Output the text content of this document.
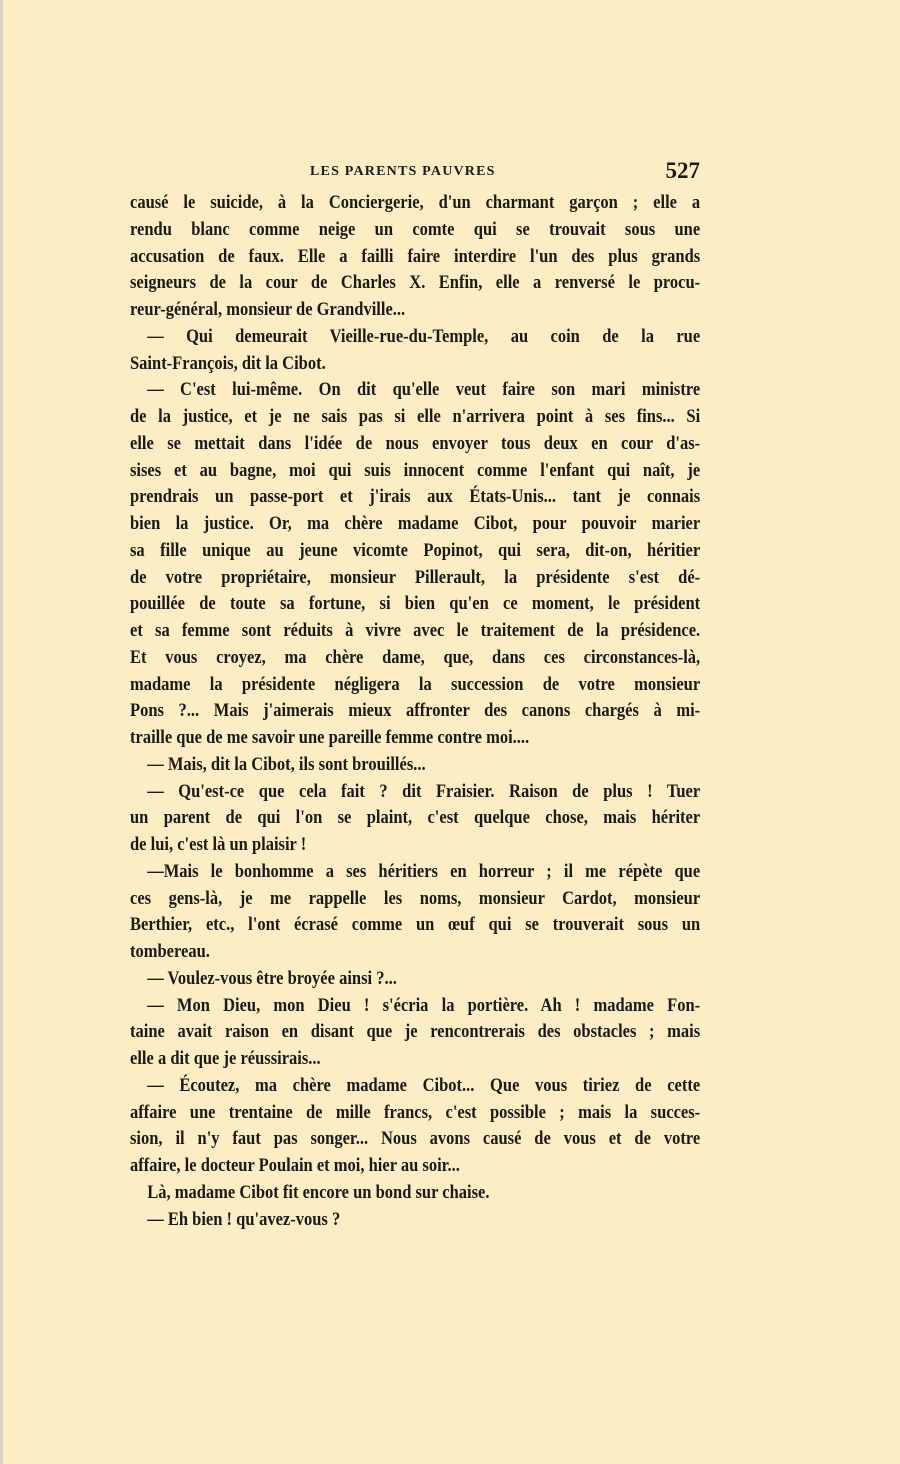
LES PARENTS PAUVRES	527
causé le suicide, à la Conciergerie, d'un charmant garçon ; elle a
rendu blanc comme neige un comte qui se trouvait sous une
accusation de faux. Elle a failli faire interdire l'un des plus grands
seigneurs de la cour de Charles X. Enfin, elle a renversé le procu-
reur-général, monsieur de Grandville...
— Qui demeurait Vieille-rue-du-Temple, au coin de la rue
Saint-François, dit la Cibot.
— C'est lui-même. On dit qu'elle veut faire son mari ministre
de la justice, et je ne sais pas si elle n'arrivera point à ses fins... Si
elle se mettait dans l'idée de nous envoyer tous deux en cour d'as-
sises et au bagne, moi qui suis innocent comme l'enfant qui naît, je
prendrais un passe-port et j'irais aux États-Unis... tant je connais
bien la justice. Or, ma chère madame Cibot, pour pouvoir marier
sa fille unique au jeune vicomte Popinot, qui sera, dit-on, héritier
de votre propriétaire, monsieur Pillerault, la présidente s'est dé-
pouillée de toute sa fortune, si bien qu'en ce moment, le président
et sa femme sont réduits à vivre avec le traitement de la présidence.
Et vous croyez, ma chère dame, que, dans ces circonstances-là,
madame la présidente négligera la succession de votre monsieur
Pons ?... Mais j'aimerais mieux affronter des canons chargés à mi-
traille que de me savoir une pareille femme contre moi....
— Mais, dit la Cibot, ils sont brouillés...
— Qu'est-ce que cela fait ? dit Fraisier. Raison de plus ! Tuer
un parent de qui l'on se plaint, c'est quelque chose, mais hériter
de lui, c'est là un plaisir !
—Mais le bonhomme a ses héritiers en horreur ; il me répète que
ces gens-là, je me rappelle les noms, monsieur Cardot, monsieur
Berthier, etc., l'ont écrasé comme un œuf qui se trouverait sous un
tombereau.
— Voulez-vous être broyée ainsi ?...
— Mon Dieu, mon Dieu ! s'écria la portière. Ah ! madame Fon-
taine avait raison en disant que je rencontrerais des obstacles ; mais
elle a dit que je réussirais...
— Écoutez, ma chère madame Cibot... Que vous tiriez de cette
affaire une trentaine de mille francs, c'est possible ; mais la succes-
sion, il n'y faut pas songer... Nous avons causé de vous et de votre
affaire, le docteur Poulain et moi, hier au soir...
Là, madame Cibot fit encore un bond sur chaise.
— Eh bien ! qu'avez-vous ?
